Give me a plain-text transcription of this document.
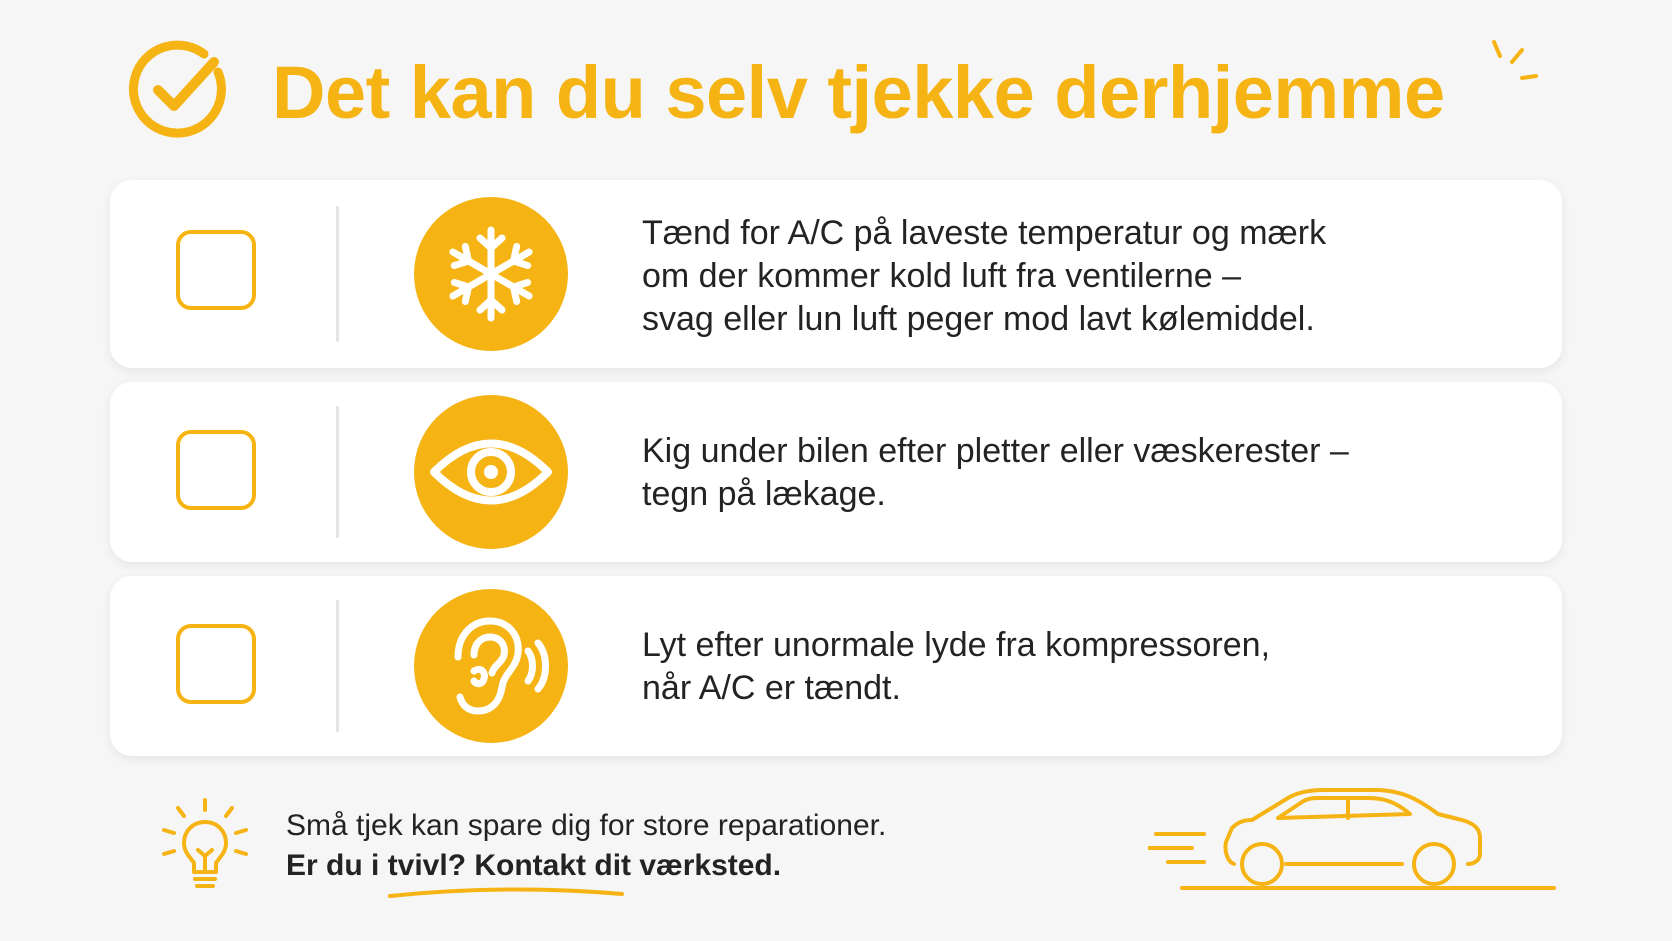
Det kan du selv tjekke derhjemme
Tænd for A/C på laveste temperatur og mærk
om der kommer kold luft fra ventilerne –
svag eller lun luft peger mod lavt kølemiddel.
Kig under bilen efter pletter eller væskerester –
tegn på lækage.
Lyt efter unormale lyde fra kompressoren,
når A/C er tændt.
Små tjek kan spare dig for store reparationer.
Er du i tvivl? Kontakt dit værksted.
